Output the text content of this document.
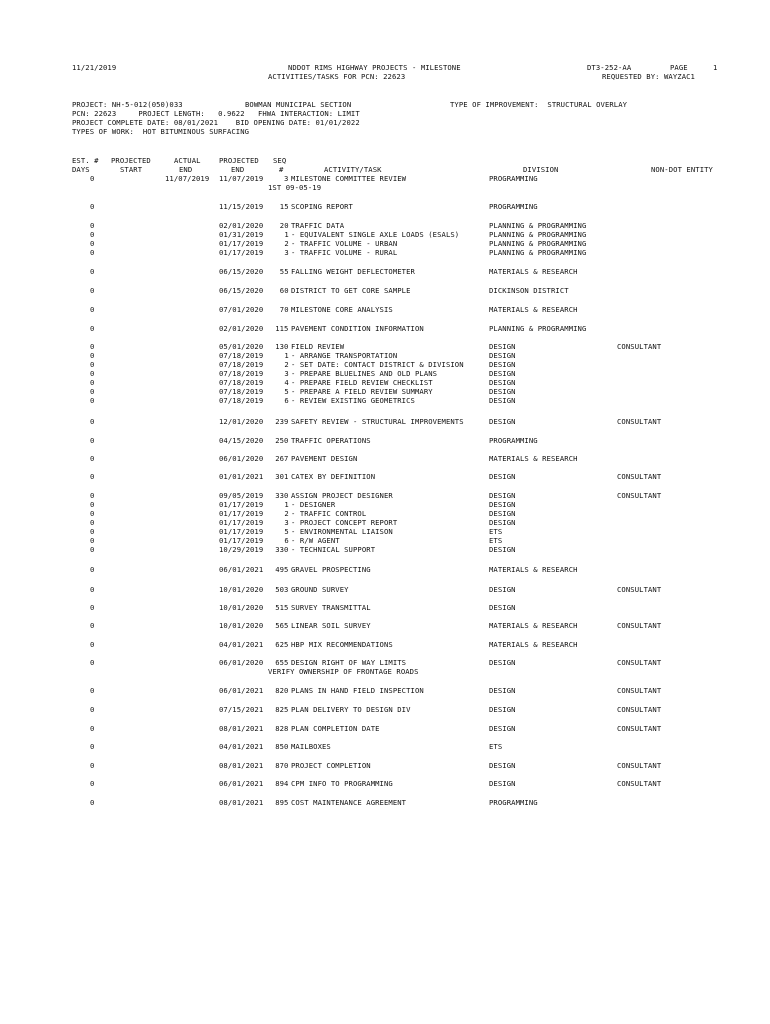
11/21/2019	NDDOT RIMS HIGHWAY PROJECTS - MILESTONE
ACTIVITIES/TASKS FOR PCN: 22623
DT3-252-AA	PAGE	1
REQUESTED BY: WAYZAC1
PROJECT: NH-5-012(050)033	BOWMAN MUNICIPAL SECTION	TYPE OF IMPROVEMENT:  STRUCTURAL OVERLAY
PCN: 22623     PROJECT LENGTH:   0.9622   FHWA INTERACTION: LIMIT
PROJECT COMPLETE DATE: 08/01/2021    BID OPENING DATE: 01/01/2022
TYPES OF WORK:  HOT BITUMINOUS SURFACING
EST. # PROJECTED	ACTUAL	PROJECTED SEQ
DAYS	START	END	END	#	ACTIVITY/TASK	DIVISION	NON-DOT ENTITY
0	11/07/2019 11/07/2019	3 MILESTONE COMMITTEE REVIEW	PROGRAMMING
1ST 09-05-19
0	11/15/2019 15 SCOPING REPORT	PROGRAMMING
0	02/01/2020 20 TRAFFIC DATA	PLANNING & PROGRAMMING
0	01/31/2019	1 - EQUIVALENT SINGLE AXLE LOADS (ESALS)	PLANNING & PROGRAMMING
0	01/17/2019	2 - TRAFFIC VOLUME - URBAN	PLANNING & PROGRAMMING
0	01/17/2019	3 - TRAFFIC VOLUME - RURAL	PLANNING & PROGRAMMING
0	06/15/2020 55 FALLING WEIGHT DEFLECTOMETER	MATERIALS & RESEARCH
0	06/15/2020 60 DISTRICT TO GET CORE SAMPLE	DICKINSON DISTRICT
0	07/01/2020 70 MILESTONE CORE ANALYSIS	MATERIALS & RESEARCH
0	02/01/2020 115 PAVEMENT CONDITION INFORMATION	PLANNING & PROGRAMMING
0	05/01/2020 130 FIELD REVIEW	DESIGN	CONSULTANT
0	07/18/2019	1 - ARRANGE TRANSPORTATION	DESIGN
0	07/18/2019	2 - SET DATE: CONTACT DISTRICT & DIVISION	DESIGN
0	07/18/2019	3 - PREPARE BLUELINES AND OLD PLANS	DESIGN
0	07/18/2019	4 - PREPARE FIELD REVIEW CHECKLIST	DESIGN
0	07/18/2019	5 - PREPARE A FIELD REVIEW SUMMARY	DESIGN
0	07/18/2019	6 - REVIEW EXISTING GEOMETRICS	DESIGN
0	12/01/2020 239 SAFETY REVIEW - STRUCTURAL IMPROVEMENTS	DESIGN	CONSULTANT
0	04/15/2020 250 TRAFFIC OPERATIONS	PROGRAMMING
0	06/01/2020 267 PAVEMENT DESIGN	MATERIALS & RESEARCH
0	01/01/2021 301 CATEX BY DEFINITION	DESIGN	CONSULTANT
0	09/05/2019 330 ASSIGN PROJECT DESIGNER	DESIGN	CONSULTANT
0	01/17/2019	1 - DESIGNER	DESIGN
0	01/17/2019	2 - TRAFFIC CONTROL	DESIGN
0	01/17/2019	3 - PROJECT CONCEPT REPORT	DESIGN
0	01/17/2019	5 - ENVIRONMENTAL LIAISON	ETS
0	01/17/2019	6 - R/W AGENT	ETS
0	10/29/2019 330 - TECHNICAL SUPPORT	DESIGN
0	06/01/2021 495 GRAVEL PROSPECTING	MATERIALS & RESEARCH
0	10/01/2020 503 GROUND SURVEY	DESIGN	CONSULTANT
0	10/01/2020 515 SURVEY TRANSMITTAL	DESIGN
0	10/01/2020 565 LINEAR SOIL SURVEY	MATERIALS & RESEARCH	CONSULTANT
0	04/01/2021 625 HBP MIX RECOMMENDATIONS	MATERIALS & RESEARCH
0	06/01/2020 655 DESIGN RIGHT OF WAY LIMITS	DESIGN	CONSULTANT
VERIFY OWNERSHIP OF FRONTAGE ROADS
0	06/01/2021 820 PLANS IN HAND FIELD INSPECTION	DESIGN	CONSULTANT
0	07/15/2021 825 PLAN DELIVERY TO DESIGN DIV	DESIGN	CONSULTANT
0	08/01/2021 828 PLAN COMPLETION DATE	DESIGN	CONSULTANT
0	04/01/2021 850 MAILBOXES	ETS
0	08/01/2021 870 PROJECT COMPLETION	DESIGN	CONSULTANT
0	06/01/2021 894 CPM INFO TO PROGRAMMING	DESIGN	CONSULTANT
0	08/01/2021 895 COST MAINTENANCE AGREEMENT	PROGRAMMING
